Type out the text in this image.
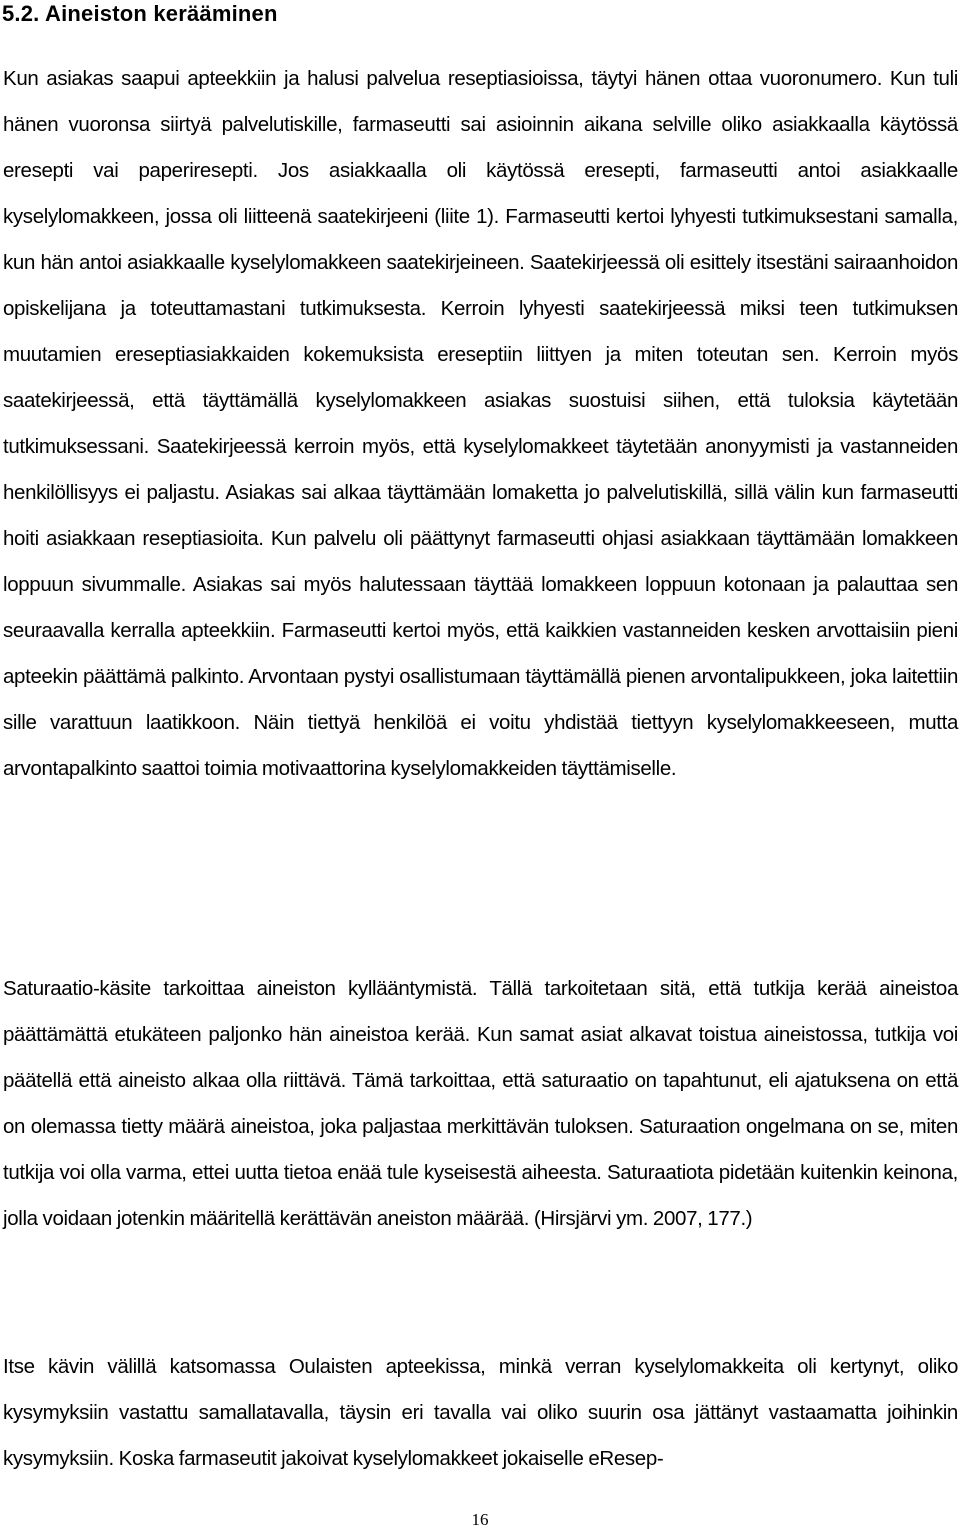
5.2. Aineiston kerääminen

Kun asiakas saapui apteekkiin ja halusi palvelua reseptiasioissa, täytyi hänen ottaa vuoronumero. Kun tuli hänen vuoronsa siirtyä palvelutiskille, farmaseutti sai asioinnin aikana selville oliko asiakkaalla käytössä eresepti vai paperiresepti. Jos asiakkaalla oli käytössä eresepti, farmaseutti antoi asiakkaalle kyselylomakkeen, jossa oli liitteenä saatekirjeeni (liite 1). Farmaseutti kertoi lyhyesti tutkimuksestani samalla, kun hän antoi asiakkaalle kyselylomakkeen saatekirjeineen. Saatekirjeessä oli esittely itsestäni sairaanhoidon opiskelijana ja toteuttamastani tutkimuksesta. Kerroin lyhyesti saatekirjeessä miksi teen tutkimuksen muutamien ereseptiasiakkaiden kokemuksista ereseptiin liittyen ja miten toteutan sen. Kerroin myös saatekirjeessä, että täyttämällä kyselylomakkeen asiakas suostuisi siihen, että tuloksia käytetään tutkimuksessani. Saatekirjeessä kerroin myös, että kyselylomakkeet täytetään anonyymisti ja vastanneiden henkilöllisyys ei paljastu. Asiakas sai alkaa täyttämään lomaketta jo palvelutiskillä, sillä välin kun farmaseutti hoiti asiakkaan reseptiasioita. Kun palvelu oli päättynyt farmaseutti ohjasi asiakkaan täyttämään lomakkeen loppuun sivummalle. Asiakas sai myös halutessaan täyttää lomakkeen loppuun kotonaan ja palauttaa sen seuraavalla kerralla apteekkiin. Farmaseutti kertoi myös, että kaikkien vastanneiden kesken arvottaisiin pieni apteekin päättämä palkinto. Arvontaan pystyi osallistumaan täyttämällä pienen arvontalipukkeen, joka laitettiin sille varattuun laatikkoon. Näin tiettyä henkilöä ei voitu yhdistää tiettyyn kyselylomakkeeseen, mutta arvontapalkinto saattoi toimia motivaattorina kyselylomakkeiden täyttämiselle.

Saturaatio-käsite tarkoittaa aineiston kyllääntymistä. Tällä tarkoitetaan sitä, että tutkija kerää aineistoa päättämättä etukäteen paljonko hän aineistoa kerää. Kun samat asiat alkavat toistua aineistossa, tutkija voi päätellä että aineisto alkaa olla riittävä. Tämä tarkoittaa, että saturaatio on tapahtunut, eli ajatuksena on että on olemassa tietty määrä aineistoa, joka paljastaa merkittävän tuloksen. Saturaation ongelmana on se, miten tutkija voi olla varma, ettei uutta tietoa enää tule kyseisestä aiheesta. Saturaatiota pidetään kuitenkin keinona, jolla voidaan jotenkin määritellä kerättävän aneiston määrää. (Hirsjärvi ym. 2007, 177.)

Itse kävin välillä katsomassa Oulaisten apteekissa, minkä verran kyselylomakkeita oli kertynyt, oliko kysymyksiin vastattu samallatavalla, täysin eri tavalla vai oliko suurin osa jättänyt vastaamatta joihinkin kysymyksiin. Koska farmaseutit jakoivat kyselylomakkeet jokaiselle eResep-

16
